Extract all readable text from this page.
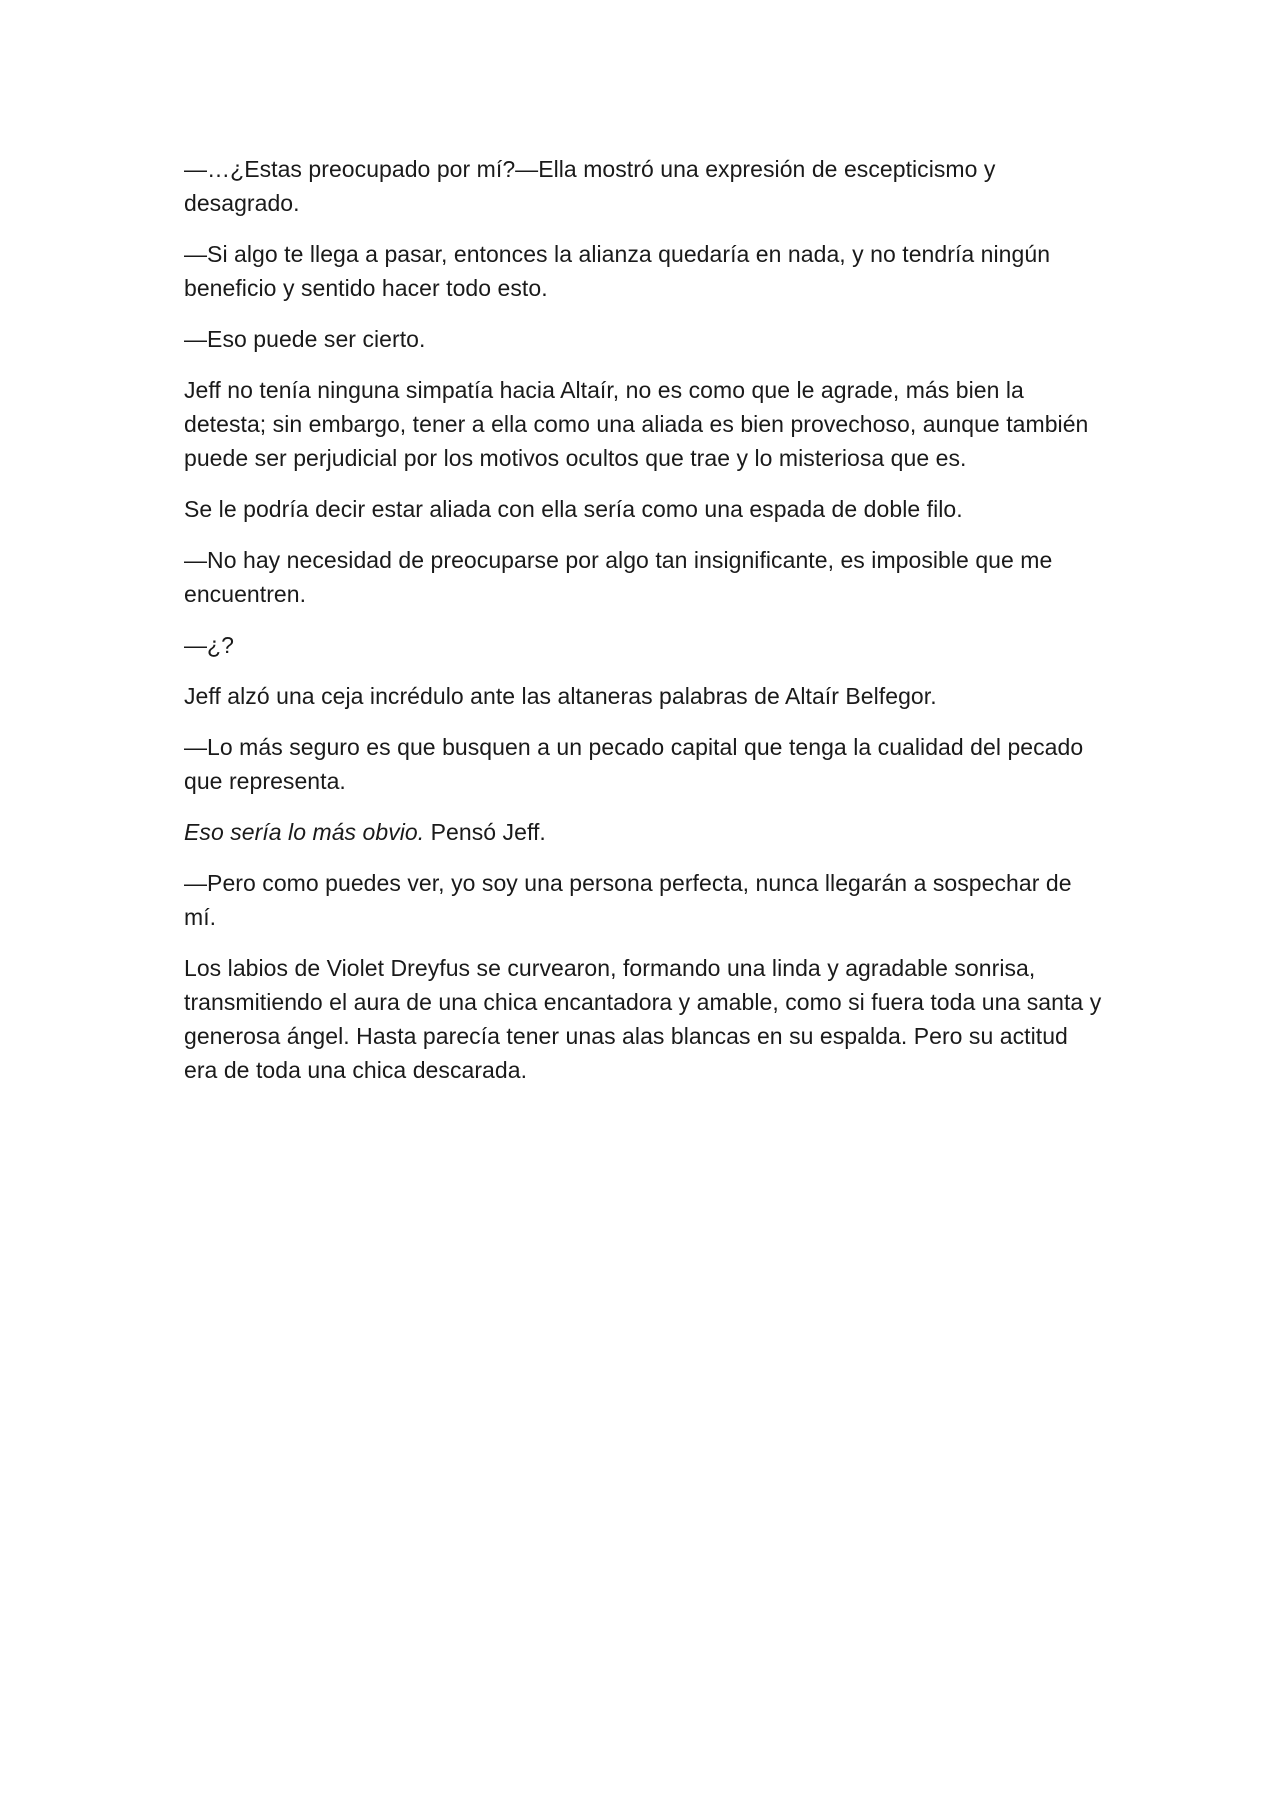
—…¿Estas preocupado por mí?—Ella mostró una expresión de escepticismo y desagrado.

—Si algo te llega a pasar, entonces la alianza quedaría en nada, y no tendría ningún beneficio y sentido hacer todo esto.

—Eso puede ser cierto.

Jeff no tenía ninguna simpatía hacia Altaír, no es como que le agrade, más bien la detesta; sin embargo, tener a ella como una aliada es bien provechoso, aunque también puede ser perjudicial por los motivos ocultos que trae y lo misteriosa que es.

Se le podría decir estar aliada con ella sería como una espada de doble filo.

—No hay necesidad de preocuparse por algo tan insignificante, es imposible que me encuentren.

—¿?

Jeff alzó una ceja incrédulo ante las altaneras palabras de Altaír Belfegor.

—Lo más seguro es que busquen a un pecado capital que tenga la cualidad del pecado que representa.

Eso sería lo más obvio. Pensó Jeff.

—Pero como puedes ver, yo soy una persona perfecta, nunca llegarán a sospechar de mí.

Los labios de Violet Dreyfus se curvearon, formando una linda y agradable sonrisa, transmitiendo el aura de una chica encantadora y amable, como si fuera toda una santa y generosa ángel. Hasta parecía tener unas alas blancas en su espalda. Pero su actitud era de toda una chica descarada.
